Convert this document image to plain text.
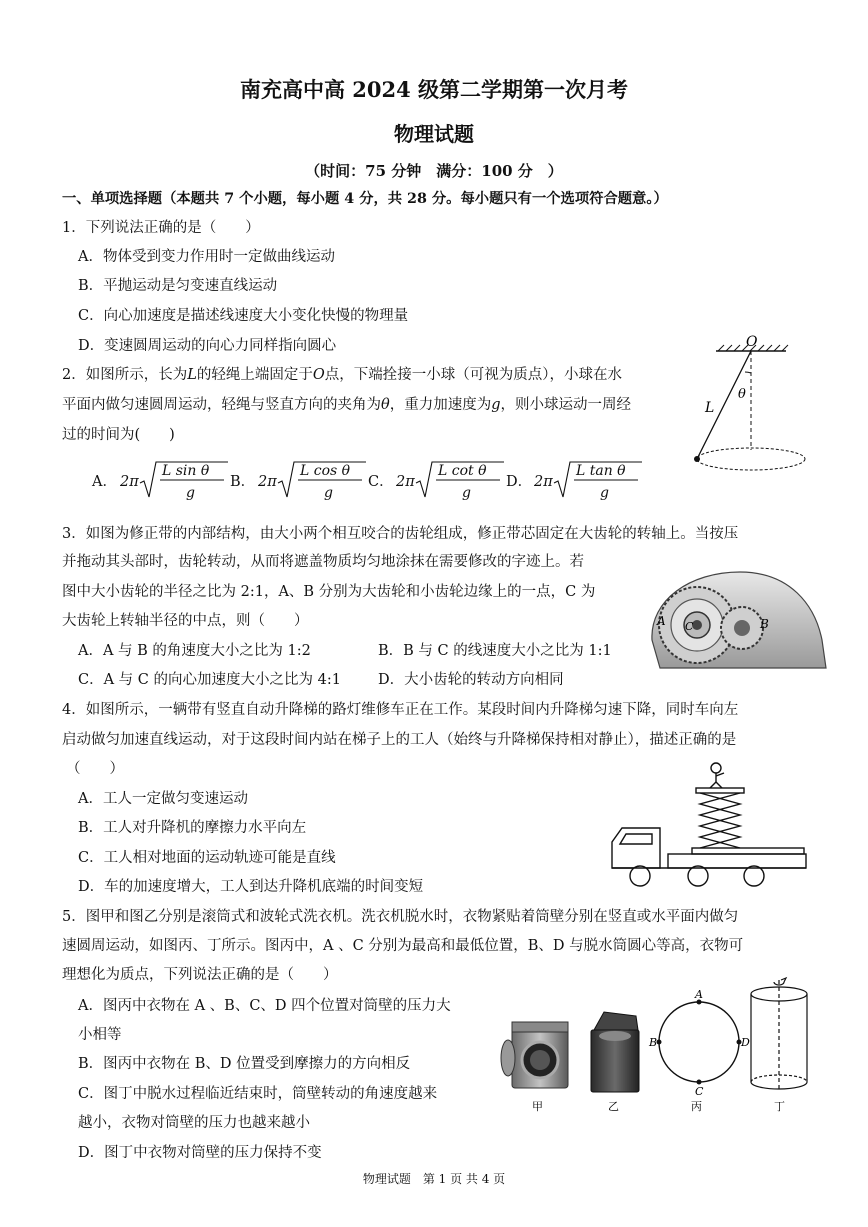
南充高中高 2024 级第二学期第一次月考
物理试题
（时间：75 分钟　满分：100 分　）
一、单项选择题（本题共 7 个小题，每小题 4 分，共 28 分。每小题只有一个选项符合题意。）
1．下列说法正确的是（　　）
A．物体受到变力作用时一定做曲线运动
B．平抛运动是匀变速直线运动
C．向心加速度是描述线速度大小变化快慢的物理量
D．变速圆周运动的向心力同样指向圆心
2．如图所示，长为L的轻绳上端固定于O点，下端拴接一小球（可视为质点），小球在水
平面内做匀速圆周运动，轻绳与竖直方向的夹角为θ，重力加速度为g，则小球运动一周经
过的时间为(　　)
A． 2π
L sin θ
g
B． 2π
L cos θ
g
C． 2π
L cot θ
g
D． 2π
L tan θ
g
O
L
θ
3．如图为修正带的内部结构，由大小两个相互咬合的齿轮组成，修正带芯固定在大齿轮的转轴上。当按压
并拖动其头部时，齿轮转动，从而将遮盖物质均匀地涂抹在需要修改的字迹上。若
图中大小齿轮的半径之比为 2:1，A、B 分别为大齿轮和小齿轮边缘上的一点，C 为
大齿轮上转轴半径的中点，则（　　）
A．A 与 B 的角速度大小之比为 1:2	B．B 与 C 的线速度大小之比为 1:1
C．A 与 C 的向心加速度大小之比为 4:1	D．大小齿轮的转动方向相同
A	B
C
4．如图所示，一辆带有竖直自动升降梯的路灯维修车正在工作。某段时间内升降梯匀速下降，同时车向左
启动做匀加速直线运动，对于这段时间内站在梯子上的工人（始终与升降梯保持相对静止），描述正确的是
（　　）
A．工人一定做匀变速运动
B．工人对升降机的摩擦力水平向左
C．工人相对地面的运动轨迹可能是直线
D．车的加速度增大，工人到达升降机底端的时间变短
5．图甲和图乙分别是滚筒式和波轮式洗衣机。洗衣机脱水时，衣物紧贴着筒壁分别在竖直或水平面内做匀
速圆周运动，如图丙、丁所示。图丙中，A 、C 分别为最高和最低位置，B、D 与脱水筒圆心等高，衣物可
理想化为质点，下列说法正确的是（　　）
A．图丙中衣物在 A 、B、C、D 四个位置对筒壁的压力大
小相等
B．图丙中衣物在 B、D 位置受到摩擦力的方向相反
C．图丁中脱水过程临近结束时，筒壁转动的角速度越来
越小，衣物对筒壁的压力也越来越小
D．图丁中衣物对筒壁的压力保持不变
A
C
B	D
甲	乙	丙	丁
物理试题　第 1 页 共 4 页
